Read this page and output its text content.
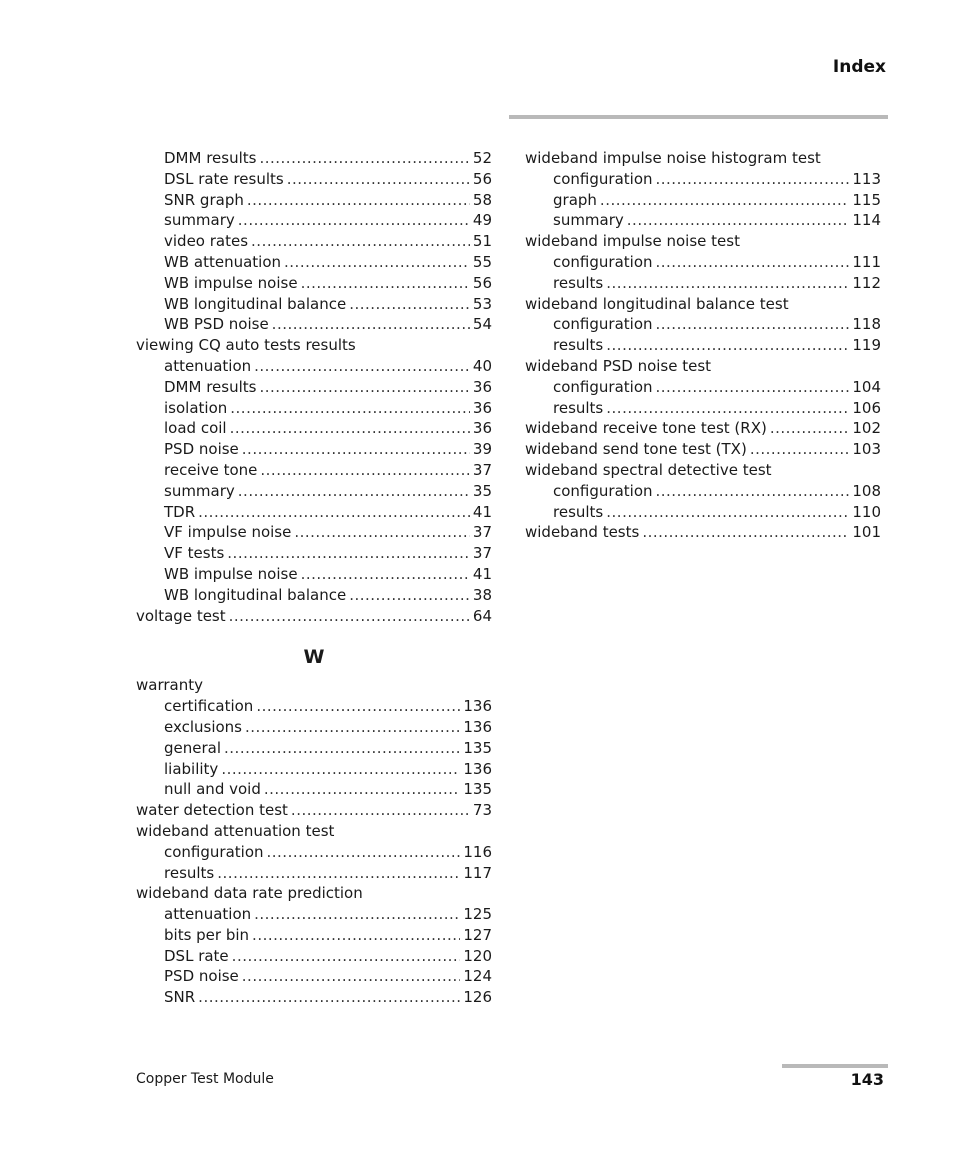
Index
DMM results .....	52
DSL rate results .....	56
SNR graph .....	58
summary .....	49
video rates .....	51
WB attenuation .....	55
WB impulse noise .....	56
WB longitudinal balance .....	53
WB PSD noise .....	54
viewing CQ auto tests results
attenuation .....	40
DMM results .....	36
isolation .....	36
load coil .....	36
PSD noise .....	39
receive tone .....	37
summary .....	35
TDR .....	41
VF impulse noise .....	37
VF tests .....	37
WB impulse noise .....	41
WB longitudinal balance .....	38
voltage test .....	64
W
warranty
certification .....	136
exclusions .....	136
general .....	135
liability .....	136
null and void .....	135
water detection test .....	73
wideband attenuation test
configuration .....	116
results .....	117
wideband data rate prediction
attenuation .....	125
bits per bin .....	127
DSL rate .....	120
PSD noise .....	124
SNR .....	126
wideband impulse noise histogram test
configuration .....	113
graph .....	115
summary .....	114
wideband impulse noise test
configuration .....	111
results .....	112
wideband longitudinal balance test
configuration .....	118
results .....	119
wideband PSD noise test
configuration .....	104
results .....	106
wideband receive tone test (RX) .....	102
wideband send tone test (TX) .....	103
wideband spectral detective test
configuration .....	108
results .....	110
wideband tests .....	101
Copper Test Module	143
